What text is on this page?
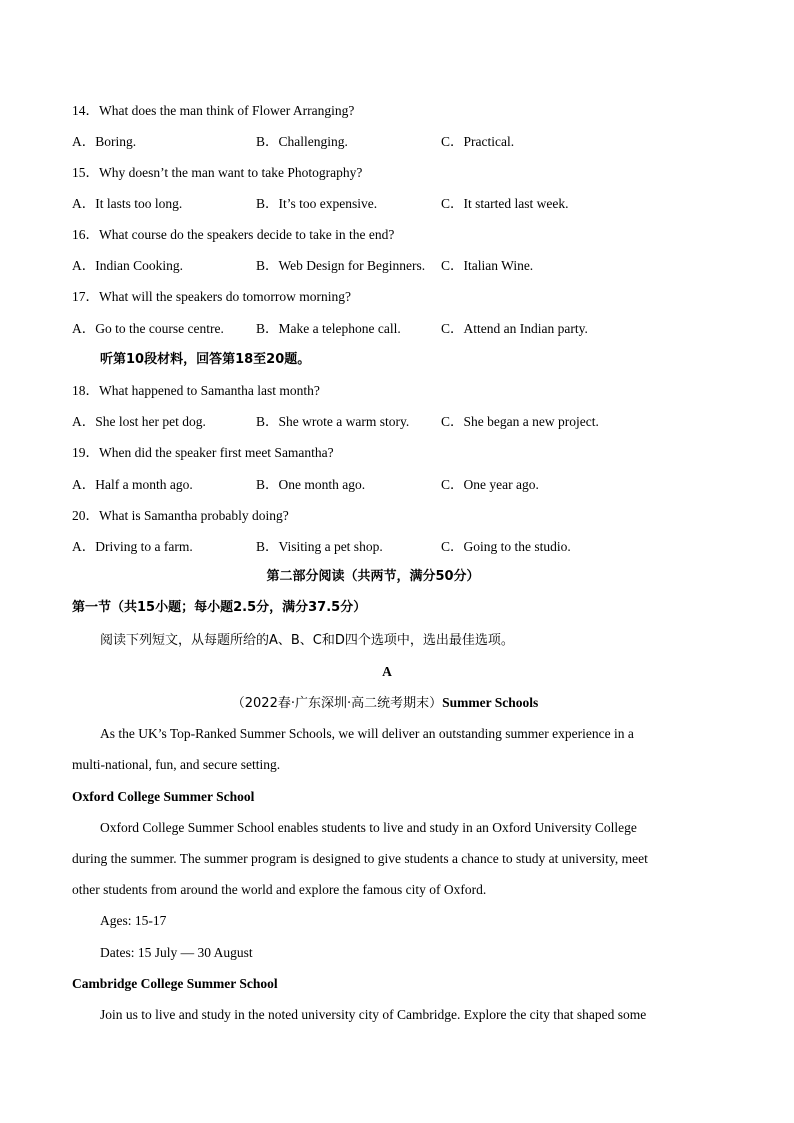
14．What does the man think of Flower Arranging?
A．Boring.	B．Challenging.	C．Practical.
15．Why doesn’t the man want to take Photography?
A．It lasts too long.	B．It’s too expensive.	C．It started last week.
16．What course do the speakers decide to take in the end?
A．Indian Cooking.	B．Web Design for Beginners. C．Italian Wine.
17．What will the speakers do tomorrow morning?
A．Go to the course centre. B．Make a telephone call.	C．Attend an Indian party.
听第10段材料，回答第18至20题。
18．What happened to Samantha last month?
A．She lost her pet dog.	B．She wrote a warm story. C．She began a new project.
19．When did the speaker first meet Samantha?
A．Half a month ago.	B．One month ago.	C．One year ago.
20．What is Samantha probably doing?
A．Driving to a farm.	B．Visiting a pet shop.	C．Going to the studio.
第二部分阅读（共两节，满分50分）
第一节（共15小题；每小题2.5分，满分37.5分）
阅读下列短文，从每题所给的A、B、C和D四个选项中，选出最佳选项。
A
（2022春·广东深圳·高二统考期末）Summer Schools
As the UK’s Top-Ranked Summer Schools, we will deliver an outstanding summer experience in a
multi-national, fun, and secure setting.
Oxford College Summer School
Oxford College Summer School enables students to live and study in an Oxford University College
during the summer. The summer program is designed to give students a chance to study at university, meet
other students from around the world and explore the famous city of Oxford.
Ages: 15-17
Dates: 15 July — 30 August
Cambridge College Summer School
Join us to live and study in the noted university city of Cambridge. Explore the city that shaped some
